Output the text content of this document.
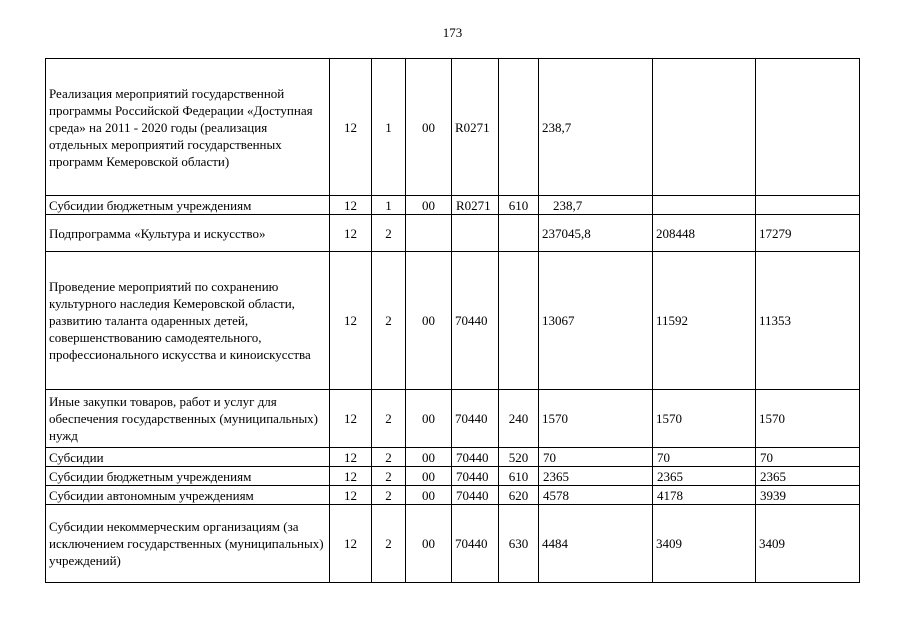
173
Реализация мероприятий государственной программы Российской Федерации «Доступная среда» на 2011 - 2020 годы (реализация отдельных мероприятий государственных программ Кемеровской области)	12	1	00	R0271		238,7		
Субсидии бюджетным учреждениям	12	1	00	R0271	610	238,7		
Подпрограмма «Культура и искусство»	12	2				237045,8	208448	17279
Проведение мероприятий по сохранению культурного наследия Кемеровской области, развитию таланта одаренных детей, совершенствованию самодеятельного, профессионального искусства и киноискусства	12	2	00	70440		13067	11592	11353
Иные закупки товаров, работ и услуг для обеспечения государственных (муниципальных) нужд	12	2	00	70440	240	1570	1570	1570
Субсидии	12	2	00	70440	520	70	70	70
Субсидии бюджетным учреждениям	12	2	00	70440	610	2365	2365	2365
Субсидии автономным учреждениям	12	2	00	70440	620	4578	4178	3939
Субсидии некоммерческим организациям (за исключением государственных (муниципальных) учреждений)	12	2	00	70440	630	4484	3409	3409
